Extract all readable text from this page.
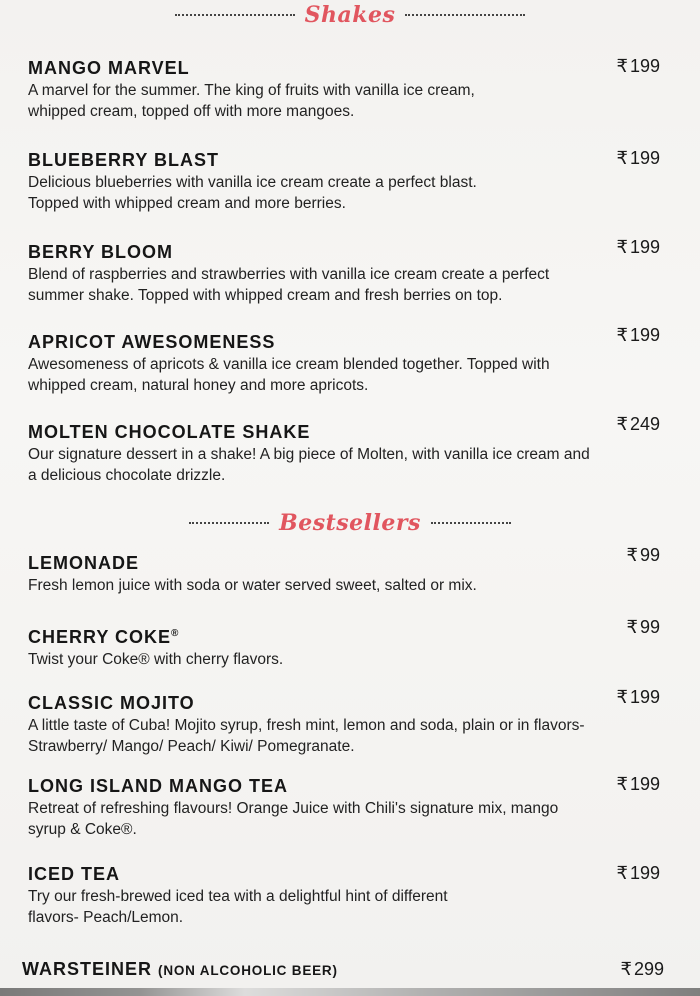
Shakes
MANGO MARVEL
A marvel for the summer. The king of fruits with vanilla ice cream, whipped cream, topped off with more mangoes.
₹ 199
BLUEBERRY BLAST
Delicious blueberries with vanilla ice cream create a perfect blast. Topped with whipped cream and more berries.
₹ 199
BERRY BLOOM
Blend of raspberries and strawberries with vanilla ice cream create a perfect summer shake. Topped with whipped cream and fresh berries on top.
₹ 199
APRICOT AWESOMENESS
Awesomeness of apricots & vanilla ice cream blended together. Topped with whipped cream, natural honey and more apricots.
₹ 199
MOLTEN CHOCOLATE SHAKE
Our signature dessert in a shake! A big piece of Molten, with vanilla ice cream and a delicious chocolate drizzle.
₹ 249
Bestsellers
LEMONADE
Fresh lemon juice with soda or water served sweet, salted or mix.
₹ 99
CHERRY COKE®
Twist your Coke® with cherry flavors.
₹ 99
CLASSIC MOJITO
A little taste of Cuba! Mojito syrup, fresh mint, lemon and soda, plain or in flavors-Strawberry/ Mango/ Peach/ Kiwi/ Pomegranate.
₹ 199
LONG ISLAND MANGO TEA
Retreat of refreshing flavours! Orange Juice with Chili's signature mix, mango syrup & Coke®.
₹ 199
ICED TEA
Try our fresh-brewed iced tea with a delightful hint of different flavors- Peach/Lemon.
₹ 199
WARSTEINER (NON ALCOHOLIC BEER)	₹ 299
